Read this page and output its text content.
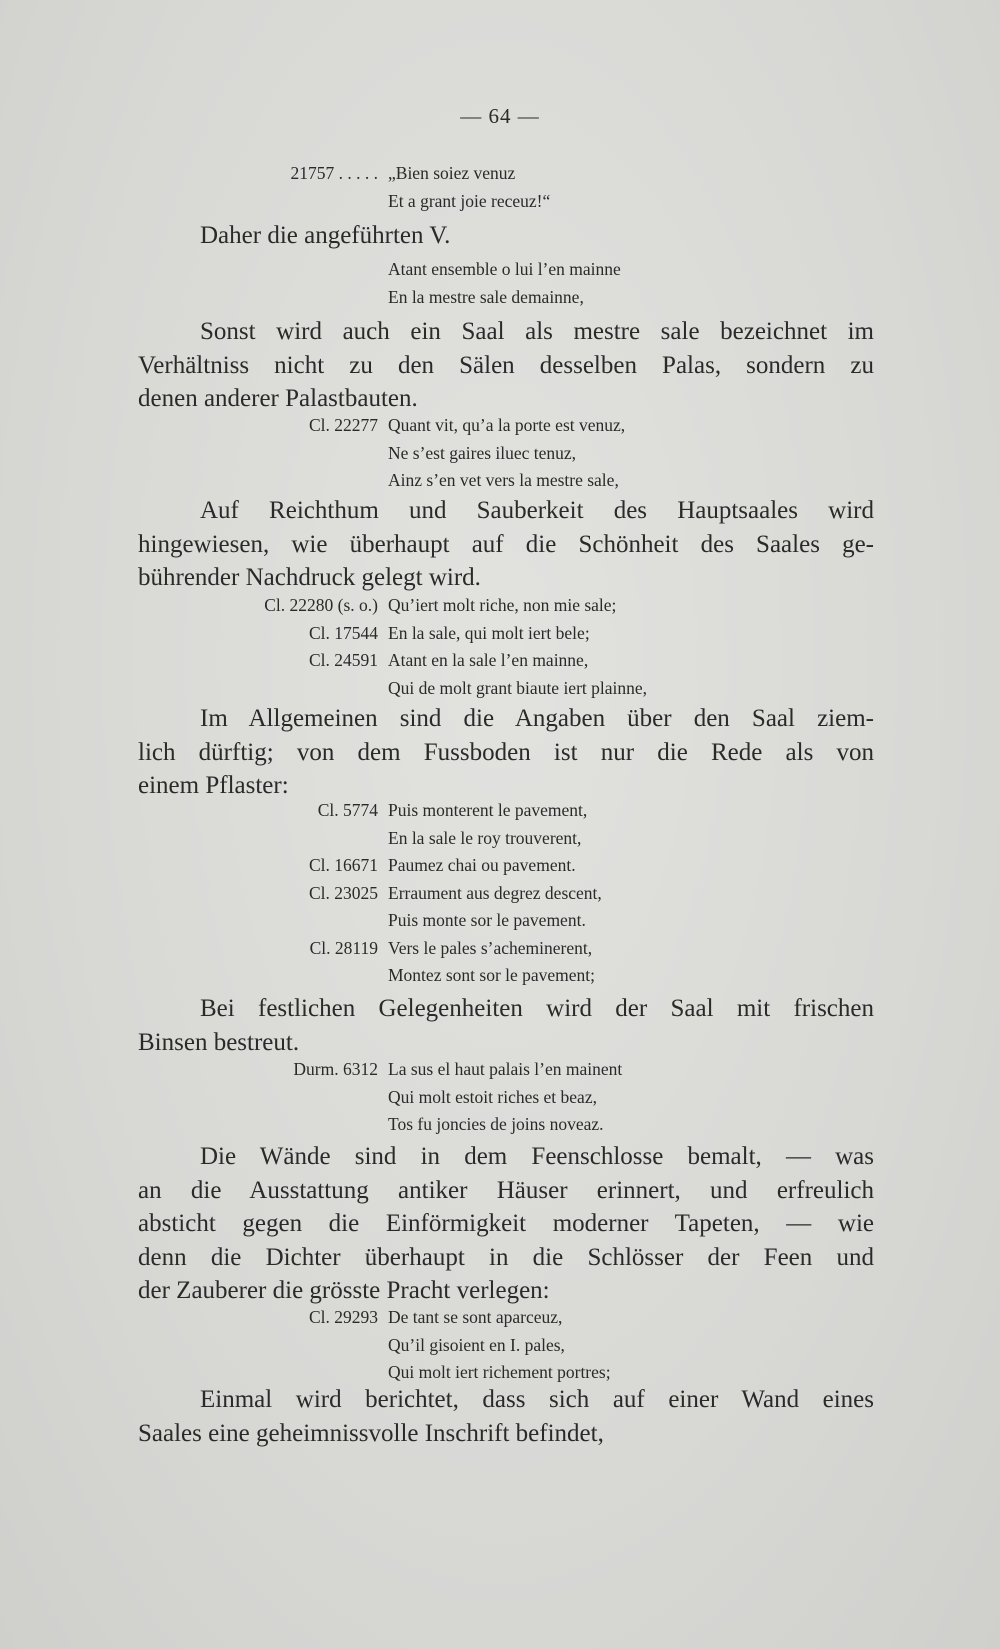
— 64 —
21757 . . . . . „Bien soiez venuz
Et a grant joie receuz!“
Daher die angeführten V.
Atant ensemble o lui l’en mainne
En la mestre sale demainne,
Sonst wird auch ein Saal als mestre sale bezeichnet im
Verhältniss nicht zu den Sälen desselben Palas, sondern zu
denen anderer Palastbauten.
Cl. 22277 Quant vit, qu’a la porte est venuz,
Ne s’est gaires iluec tenuz,
Ainz s’en vet vers la mestre sale,
Auf Reichthum und Sauberkeit des Hauptsaales wird
hingewiesen, wie überhaupt auf die Schönheit des Saales ge-
bührender Nachdruck gelegt wird.
Cl. 22280 (s. o.) Qu’iert molt riche, non mie sale;
Cl. 17544 En la sale, qui molt iert bele;
Cl. 24591 Atant en la sale l’en mainne,
Qui de molt grant biaute iert plainne,
Im Allgemeinen sind die Angaben über den Saal ziem-
lich dürftig; von dem Fussboden ist nur die Rede als von
einem Pflaster:
Cl. 5774 Puis monterent le pavement,
En la sale le roy trouverent,
Cl. 16671 Paumez chai ou pavement.
Cl. 23025 Erraument aus degrez descent,
Puis monte sor le pavement.
Cl. 28119 Vers le pales s’acheminerent,
Montez sont sor le pavement;
Bei festlichen Gelegenheiten wird der Saal mit frischen
Binsen bestreut.
Durm. 6312 La sus el haut palais l’en mainent
Qui molt estoit riches et beaz,
Tos fu joncies de joins noveaz.
Die Wände sind in dem Feenschlosse bemalt, — was
an die Ausstattung antiker Häuser erinnert, und erfreulich
absticht gegen die Einförmigkeit moderner Tapeten, — wie
denn die Dichter überhaupt in die Schlösser der Feen und
der Zauberer die grösste Pracht verlegen:
Cl. 29293 De tant se sont aparceuz,
Qu’il gisoient en I. pales,
Qui molt iert richement portres;
Einmal wird berichtet, dass sich auf einer Wand eines
Saales eine geheimnissvolle Inschrift befindet,
